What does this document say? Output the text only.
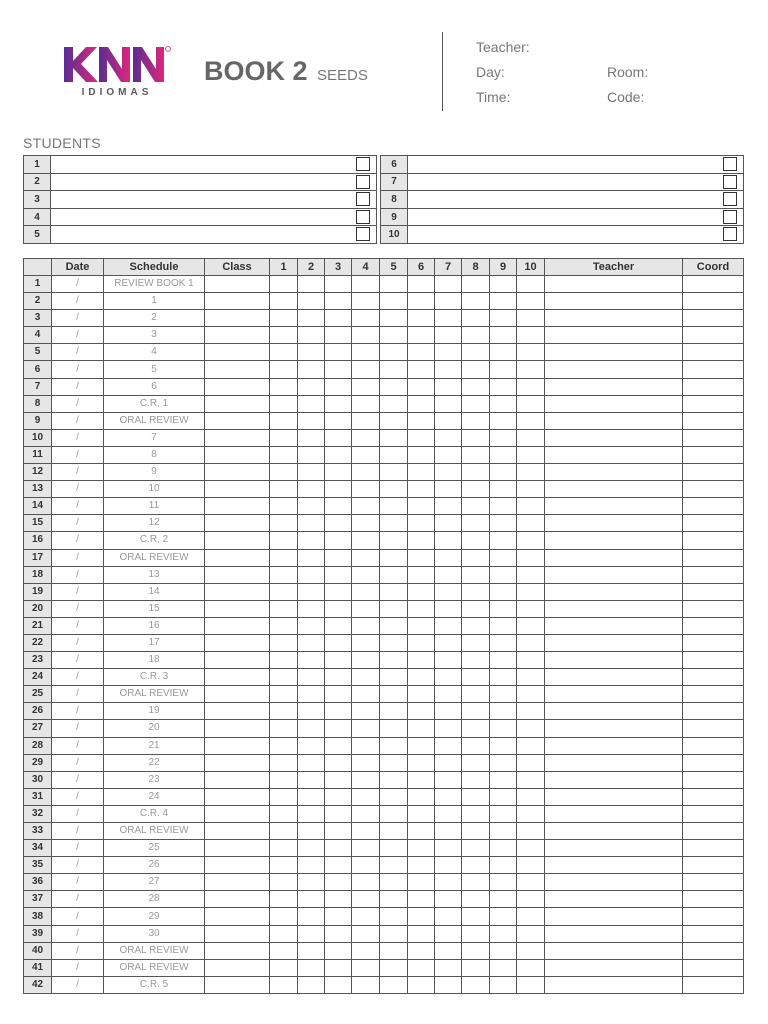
IDIOMAS
BOOK 2 SEEDS
Teacher:
Day:	Room:
Time:	Code:
STUDENTS
1			6	

2			7	

3			8	

4			9	

5			10	
	Date	Schedule	Class	1	2	3	4	5	6	7	8	9	10	Teacher	Coord
1	/	REVIEW BOOK 1													
2	/	1													
3	/	2													
4	/	3													
5	/	4													
6	/	5													
7	/	6													
8	/	C.R. 1													
9	/	ORAL REVIEW													
10	/	7													
11	/	8													
12	/	9													
13	/	10													
14	/	11													
15	/	12													
16	/	C.R. 2													
17	/	ORAL REVIEW													
18	/	13													
19	/	14													
20	/	15													
21	/	16													
22	/	17													
23	/	18													
24	/	C.R. 3													
25	/	ORAL REVIEW													
26	/	19													
27	/	20													
28	/	21													
29	/	22													
30	/	23													
31	/	24													
32	/	C.R. 4													
33	/	ORAL REVIEW													
34	/	25													
35	/	26													
36	/	27													
37	/	28													
38	/	29													
39	/	30													
40	/	ORAL REVIEW													
41	/	ORAL REVIEW													
42	/	C.R. 5													
